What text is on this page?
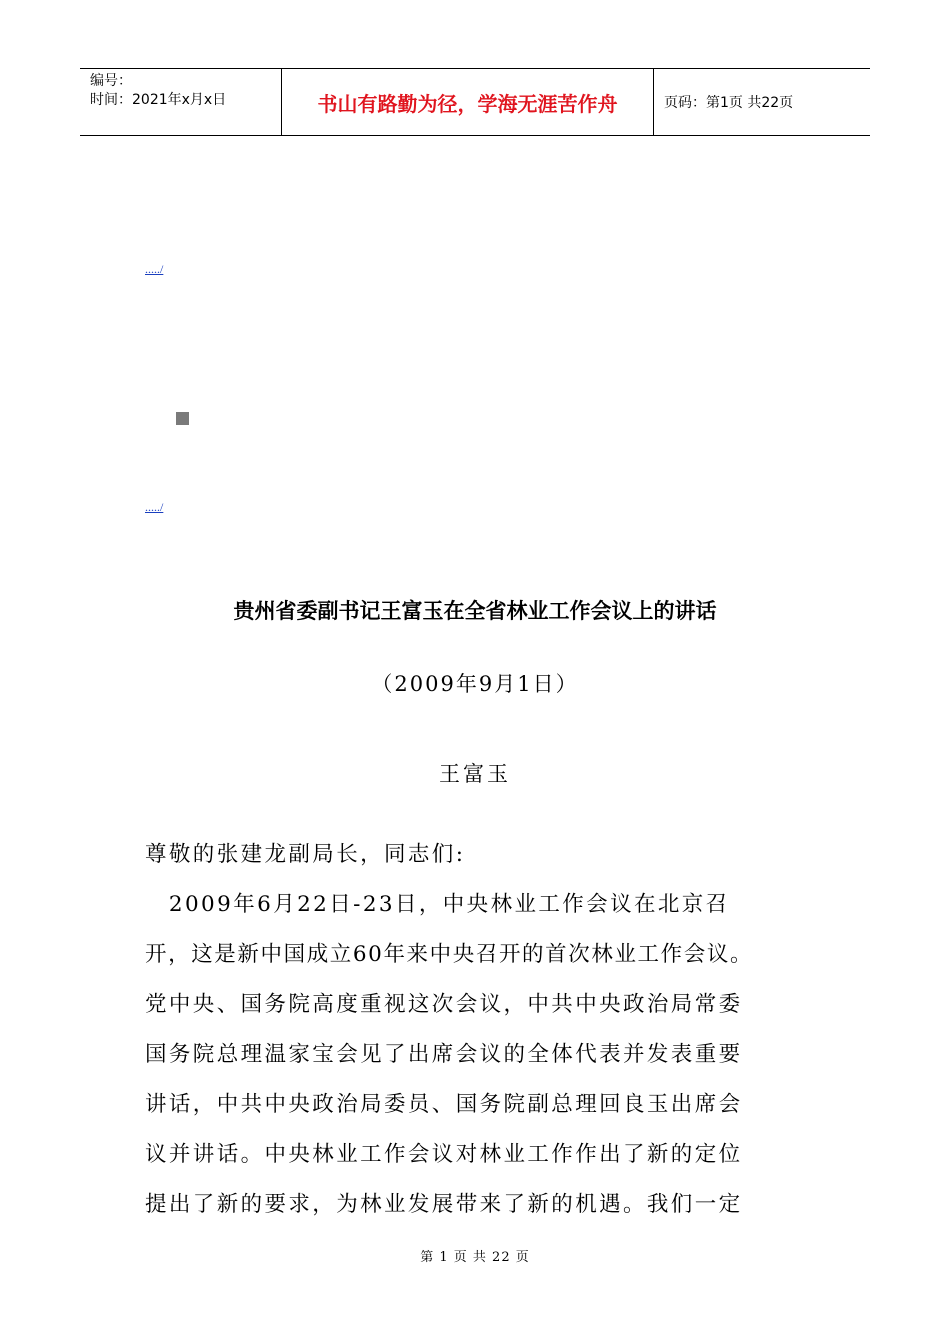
编号：
时间：2021年x月x日	书山有路勤为径，学海无涯苦作舟	页码：第1页 共22页
...../
...../
贵州省委副书记王富玉在全省林业工作会议上的讲话
（2009年9月1日）
王富玉

尊敬的张建龙副局长，同志们:

　2009年6月22日-23日，中央林业工作会议在北京召

开，这是新中国成立60年来中央召开的首次林业工作会议。

党中央、国务院高度重视这次会议，中共中央政治局常委

国务院总理温家宝会见了出席会议的全体代表并发表重要

讲话，中共中央政治局委员、国务院副总理回良玉出席会

议并讲话。中央林业工作会议对林业工作作出了新的定位

提出了新的要求，为林业发展带来了新的机遇。我们一定

第 1 页 共 22 页
